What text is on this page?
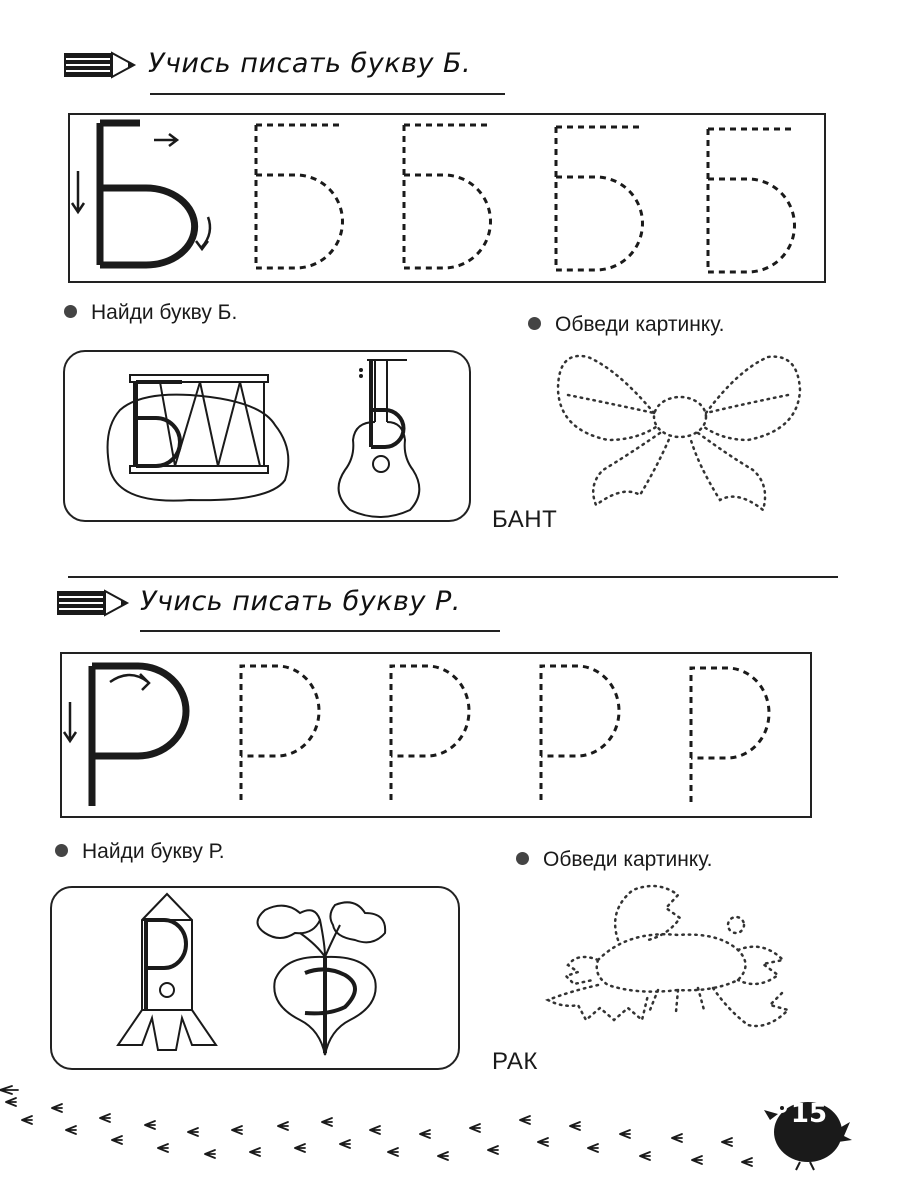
Учись писать букву Б.
Найди букву Б.
Обведи картинку.
БАНТ
Учись писать букву Р.
Найди букву Р.	Обведи картинку.
РАК
15
